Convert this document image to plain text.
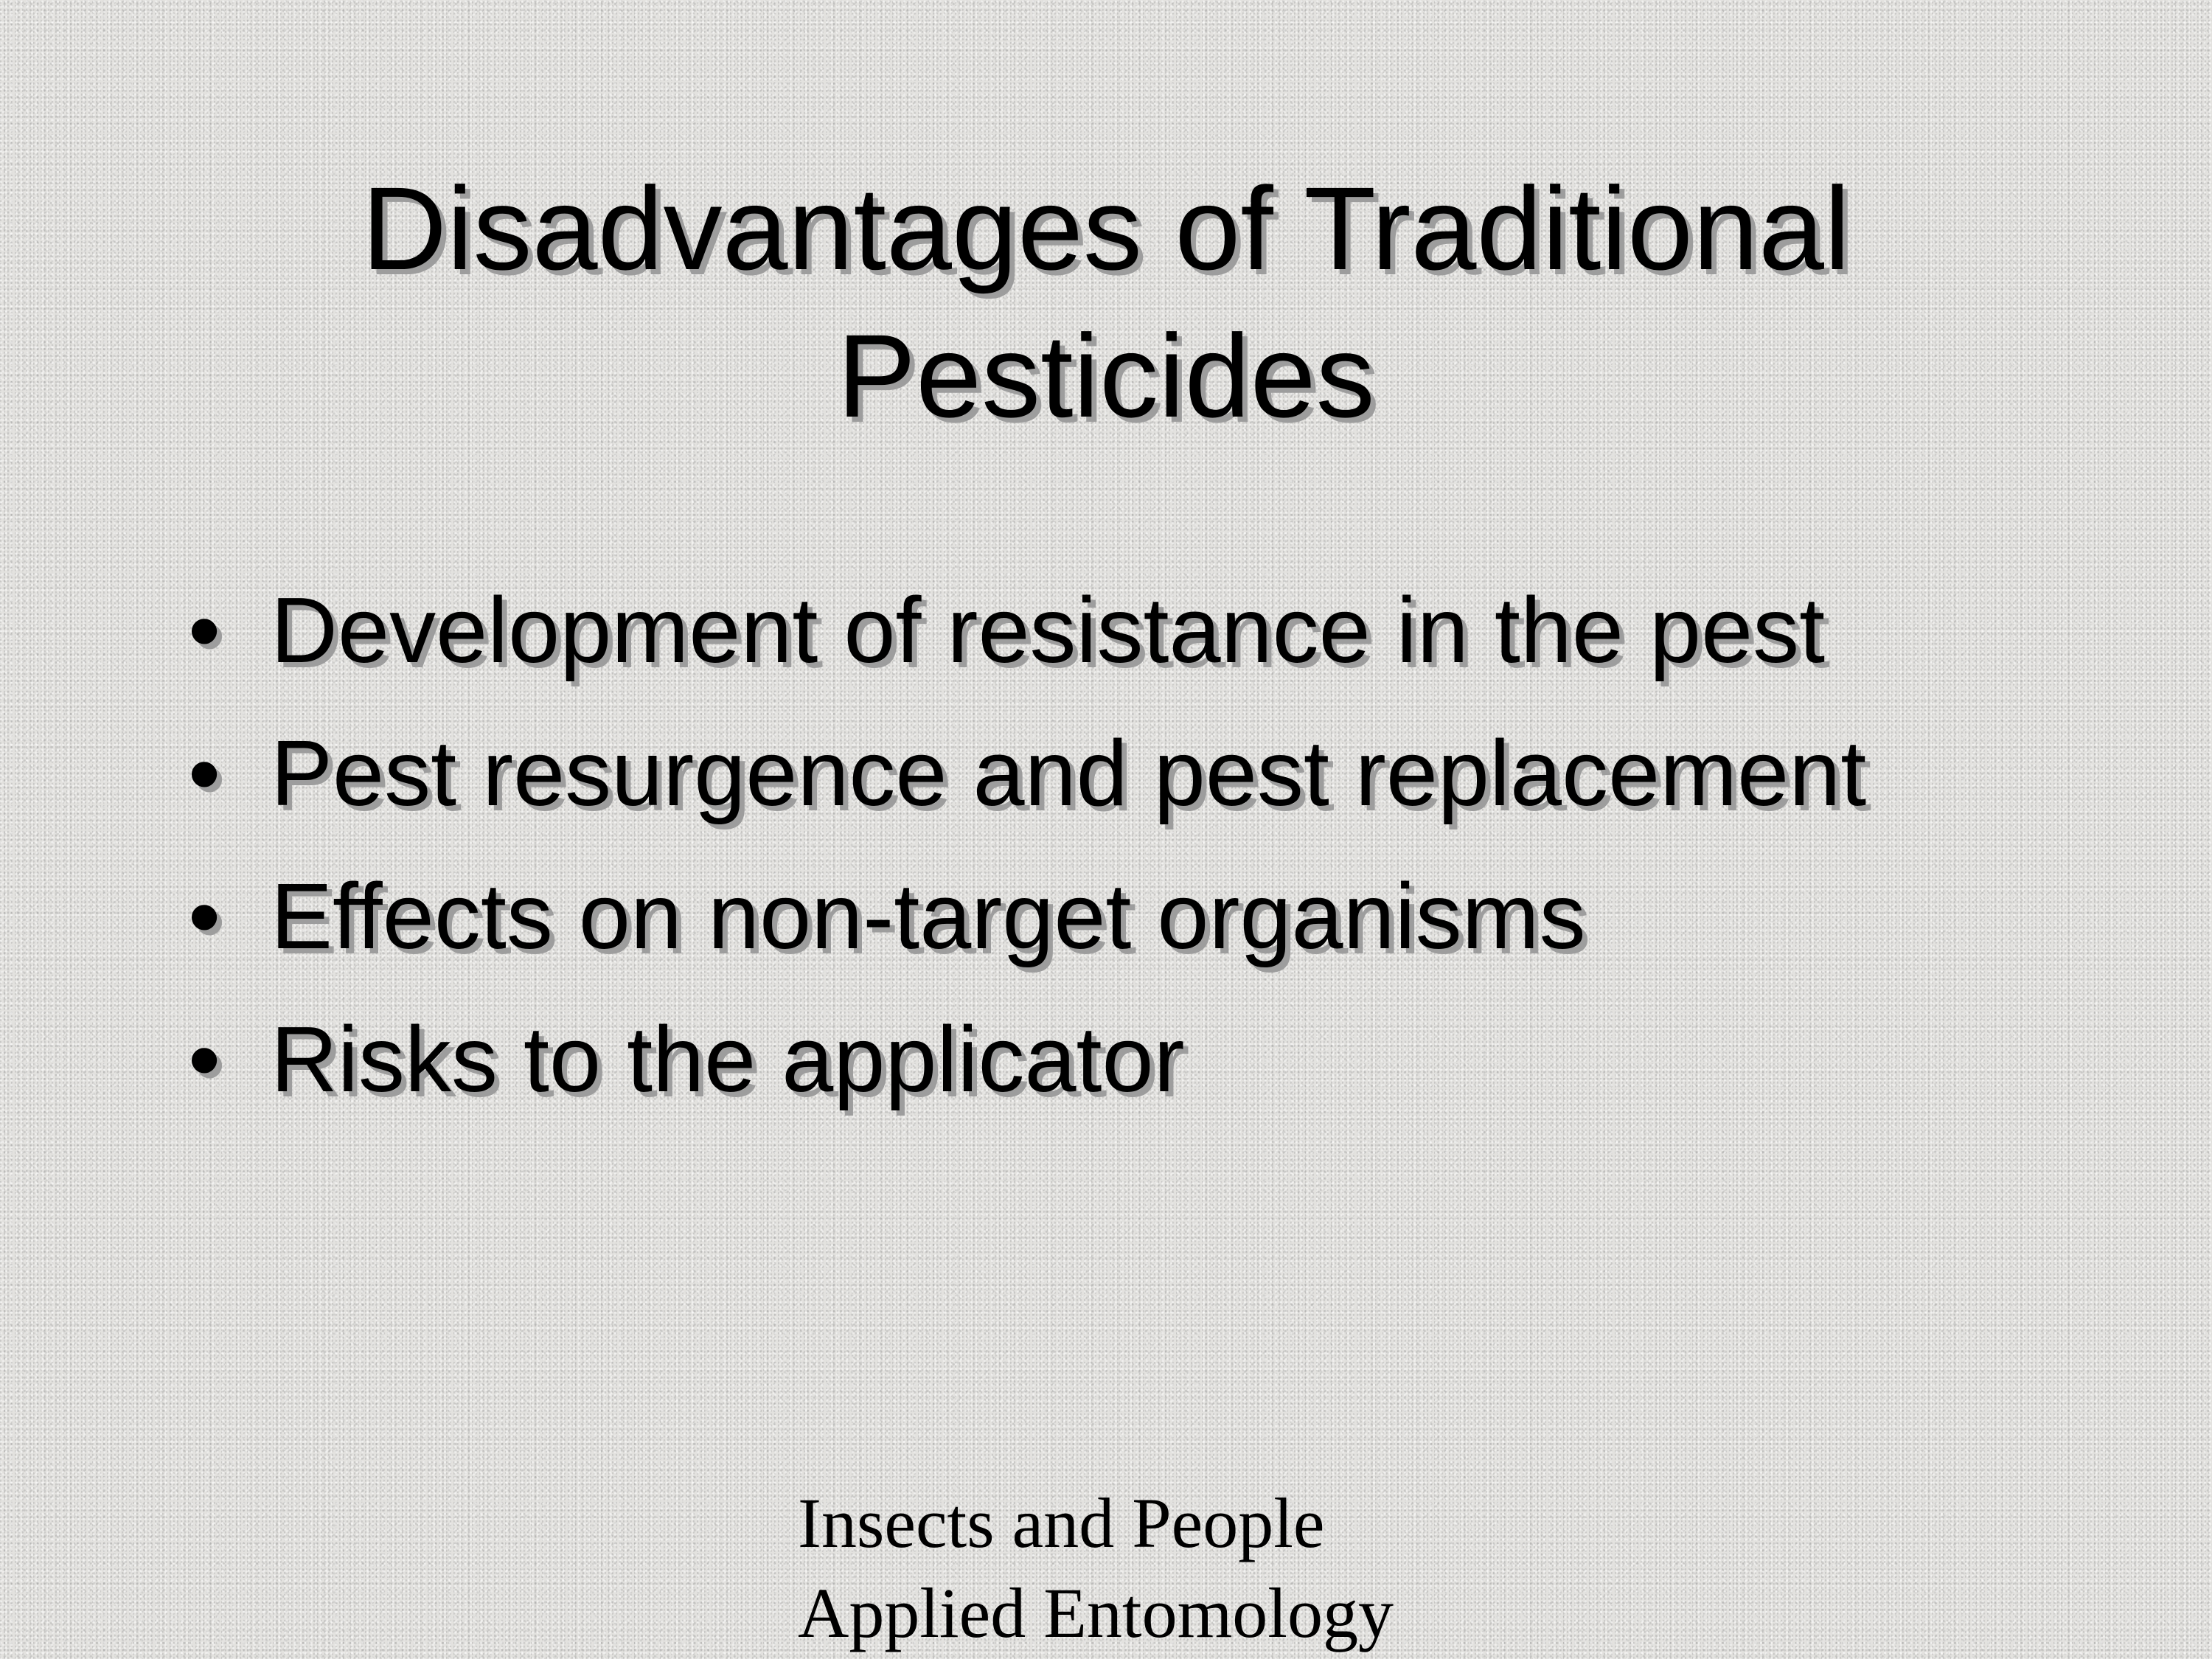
Disadvantages of Traditional
Pesticides
• Development of resistance in the pest
• Pest resurgence and pest replacement
• Effects on non-target organisms
• Risks to the applicator
Insects and People
Applied Entomology
